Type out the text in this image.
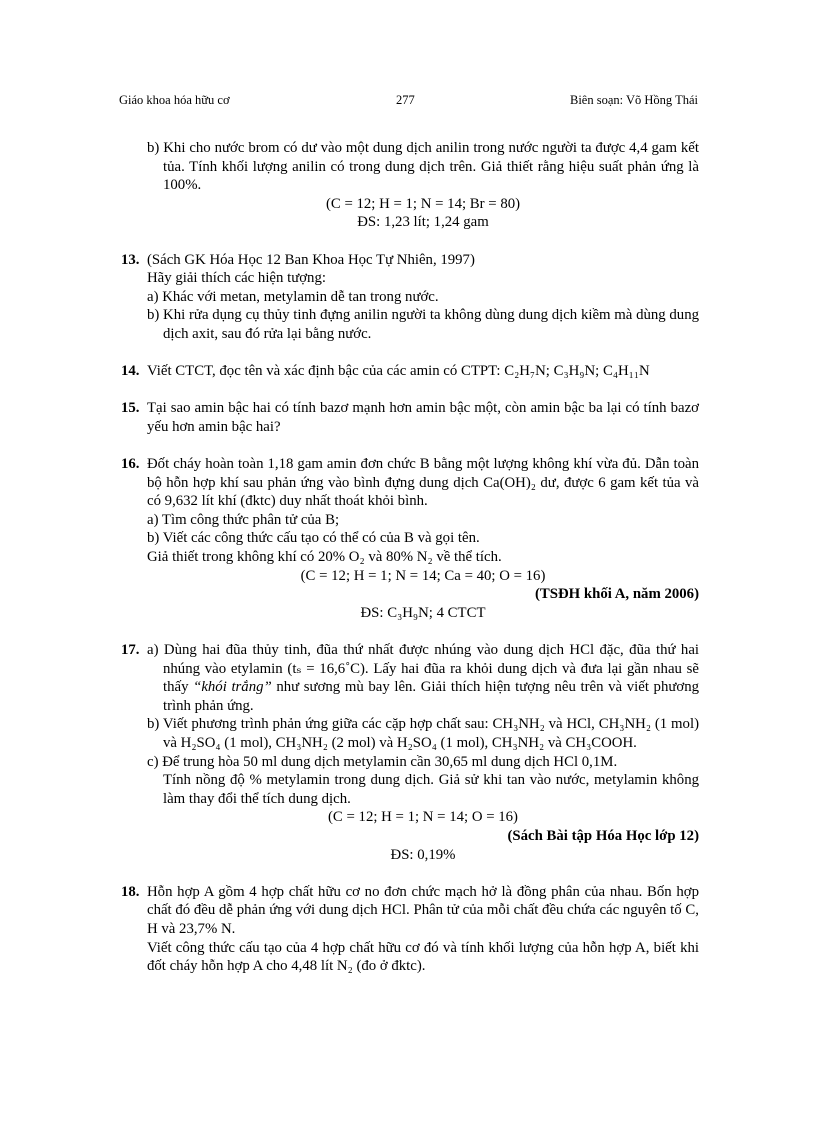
Giáo khoa hóa hữu cơ	277	Biên soạn: Võ Hồng Thái
b) Khi cho nước brom có dư vào một dung dịch anilin trong nước người ta được 4,4 gam kết tủa. Tính khối lượng anilin có trong dung dịch trên. Giả thiết rằng hiệu suất phản ứng là 100%.
(C = 12; H = 1; N = 14; Br = 80)
ĐS: 1,23 lít; 1,24 gam
13. (Sách GK Hóa Học 12 Ban Khoa Học Tự Nhiên, 1997)
Hãy giải thích các hiện tượng:
a) Khác với metan, metylamin dễ tan trong nước.
b) Khi rửa dụng cụ thủy tinh đựng anilin người ta không dùng dung dịch kiềm mà dùng dung dịch axit, sau đó rửa lại bằng nước.
14. Viết CTCT, đọc tên và xác định bậc của các amin có CTPT: C₂H₇N; C₃H₉N; C₄H₁₁N
15. Tại sao amin bậc hai có tính bazơ mạnh hơn amin bậc một, còn amin bậc ba lại có tính bazơ yếu hơn amin bậc hai?
16. Đốt cháy hoàn toàn 1,18 gam amin đơn chức B bằng một lượng không khí vừa đủ. Dẫn toàn bộ hỗn hợp khí sau phản ứng vào bình đựng dung dịch Ca(OH)₂ dư, được 6 gam kết tủa và có 9,632 lít khí (đktc) duy nhất thoát khỏi bình.
a) Tìm công thức phân tử của B;
b) Viết các công thức cấu tạo có thể có của B và gọi tên.
Giả thiết trong không khí có 20% O₂ và 80% N₂ về thể tích.
(C = 12; H = 1; N = 14; Ca = 40; O = 16)
(TSĐH khối A, năm 2006)
ĐS: C₃H₉N; 4 CTCT
17. a) Dùng hai đũa thủy tinh, đũa thứ nhất được nhúng vào dung dịch HCl đặc, đũa thứ hai nhúng vào etylamin (tₛ = 16,6˚C). Lấy hai đũa ra khỏi dung dịch và đưa lại gần nhau sẽ thấy “khói trắng” như sương mù bay lên. Giải thích hiện tượng nêu trên và viết phương trình phản ứng.
b) Viết phương trình phản ứng giữa các cặp hợp chất sau: CH₃NH₂ và HCl, CH₃NH₂ (1 mol) và H₂SO₄ (1 mol), CH₃NH₂ (2 mol) và H₂SO₄ (1 mol), CH₃NH₂ và CH₃COOH.
c) Để trung hòa 50 ml dung dịch metylamin cần 30,65 ml dung dịch HCl 0,1M.
Tính nồng độ % metylamin trong dung dịch. Giả sử khi tan vào nước, metylamin không làm thay đổi thể tích dung dịch.
(C = 12; H = 1; N = 14; O = 16)
(Sách Bài tập Hóa Học lớp 12)
ĐS: 0,19%
18. Hỗn hợp A gồm 4 hợp chất hữu cơ no đơn chức mạch hở là đồng phân của nhau. Bốn hợp chất đó đều dễ phản ứng với dung dịch HCl. Phân tử của mỗi chất đều chứa các nguyên tố C, H và 23,7% N.
Viết công thức cấu tạo của 4 hợp chất hữu cơ đó và tính khối lượng của hỗn hợp A, biết khi đốt cháy hỗn hợp A cho 4,48 lít N₂ (đo ở đktc).
